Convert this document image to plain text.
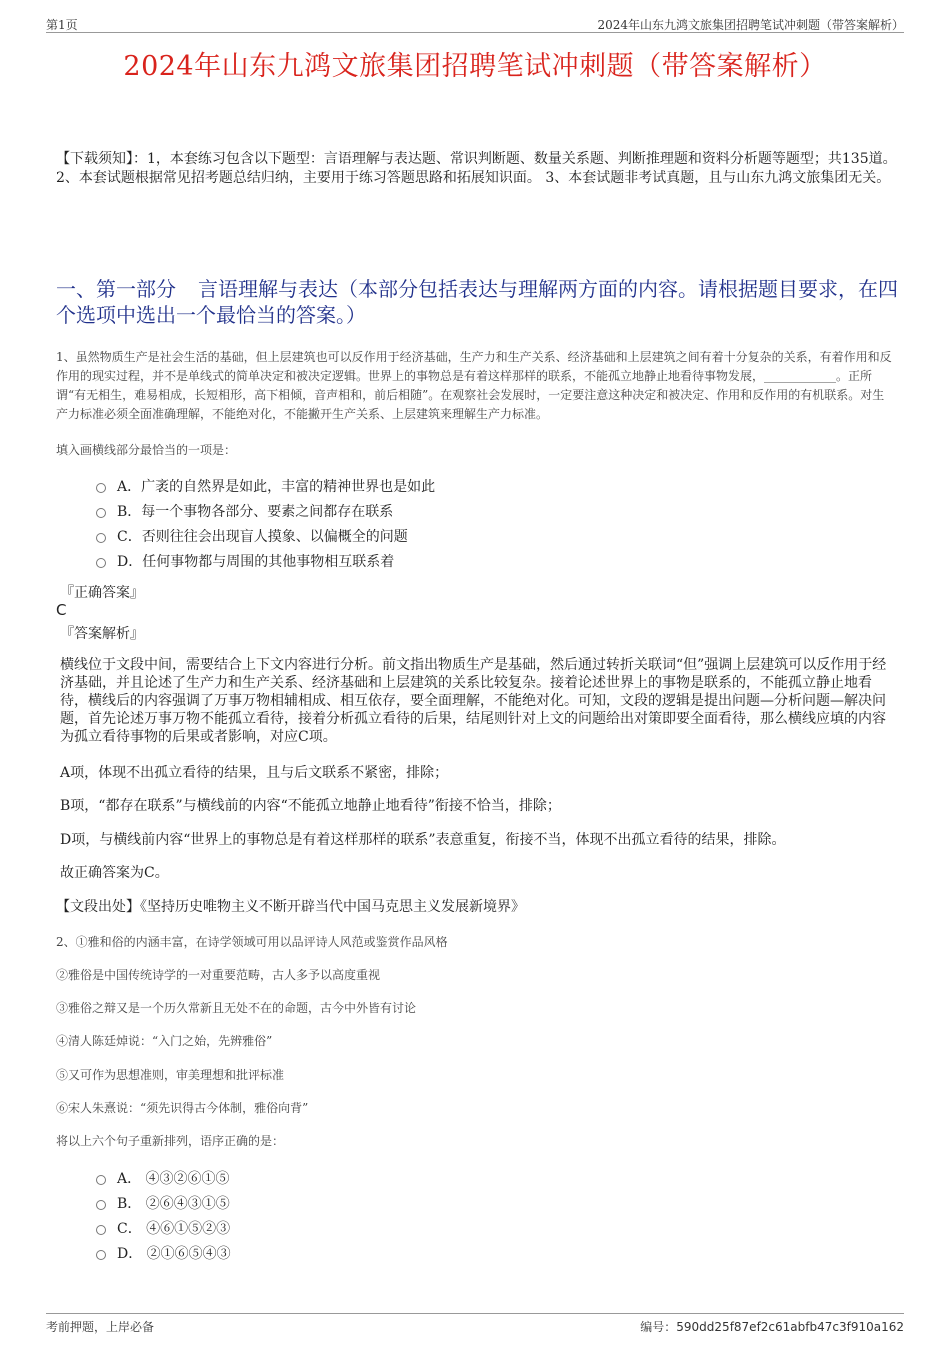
第1页	2024年山东九鸿文旅集团招聘笔试冲刺题（带答案解析）
2024年山东九鸿文旅集团招聘笔试冲刺题（带答案解析）
【下载须知】：1，本套练习包含以下题型：言语理解与表达题、常识判断题、数量关系题、判断推理题和资料分析题等题型；共135道。 2、本套试题根据常见招考题总结归纳，主要用于练习答题思路和拓展知识面。 3、本套试题非考试真题，且与山东九鸿文旅集团无关。
一、第一部分 言语理解与表达（本部分包括表达与理解两方面的内容。请根据题目要求，在四个选项中选出一个最恰当的答案。）
1、虽然物质生产是社会生活的基础，但上层建筑也可以反作用于经济基础，生产力和生产关系、经济基础和上层建筑之间有着十分复杂的关系，有着作用和反作用的现实过程，并不是单线式的简单决定和被决定逻辑。世界上的事物总是有着这样那样的联系，不能孤立地静止地看待事物发展，____________。正所谓“有无相生，难易相成，长短相形，高下相倾，音声相和，前后相随”。在观察社会发展时，一定要注意这种决定和被决定、作用和反作用的有机联系。对生产力标准必须全面准确理解，不能绝对化，不能撇开生产关系、上层建筑来理解生产力标准。
填入画横线部分最恰当的一项是：
A．广袤的自然界是如此，丰富的精神世界也是如此
B．每一个事物各部分、要素之间都存在联系
C．否则往往会出现盲人摸象、以偏概全的问题
D．任何事物都与周围的其他事物相互联系着
『正确答案』
C
『答案解析』
横线位于文段中间，需要结合上下文内容进行分析。前文指出物质生产是基础，然后通过转折关联词“但”强调上层建筑可以反作用于经济基础，并且论述了生产力和生产关系、经济基础和上层建筑的关系比较复杂。接着论述世界上的事物是联系的，不能孤立静止地看待，横线后的内容强调了万事万物相辅相成、相互依存，要全面理解，不能绝对化。可知，文段的逻辑是提出问题—分析问题—解决问题，首先论述万事万物不能孤立看待，接着分析孤立看待的后果，结尾则针对上文的问题给出对策即要全面看待，那么横线应填的内容为孤立看待事物的后果或者影响，对应C项。
A项，体现不出孤立看待的结果，且与后文联系不紧密，排除；
B项，“都存在联系”与横线前的内容“不能孤立地静止地看待”衔接不恰当，排除；
D项，与横线前内容“世界上的事物总是有着这样那样的联系”表意重复，衔接不当，体现不出孤立看待的结果，排除。
故正确答案为C。
【文段出处】《坚持历史唯物主义不断开辟当代中国马克思主义发展新境界》
2、①雅和俗的内涵丰富，在诗学领域可用以品评诗人风范或鉴赏作品风格
②雅俗是中国传统诗学的一对重要范畴，古人多予以高度重视
③雅俗之辩又是一个历久常新且无处不在的命题，古今中外皆有讨论
④清人陈廷焯说：“入门之始，先辨雅俗”
⑤又可作为思想准则，审美理想和批评标准
⑥宋人朱熹说：“须先识得古今体制，雅俗向背”
将以上六个句子重新排列，语序正确的是：
A． ④③②⑥①⑤
B． ②⑥④③①⑤
C． ④⑥①⑤②③
D． ②①⑥⑤④③
考前押题，上岸必备	编号：590dd25f87ef2c61abfb47c3f910a162
